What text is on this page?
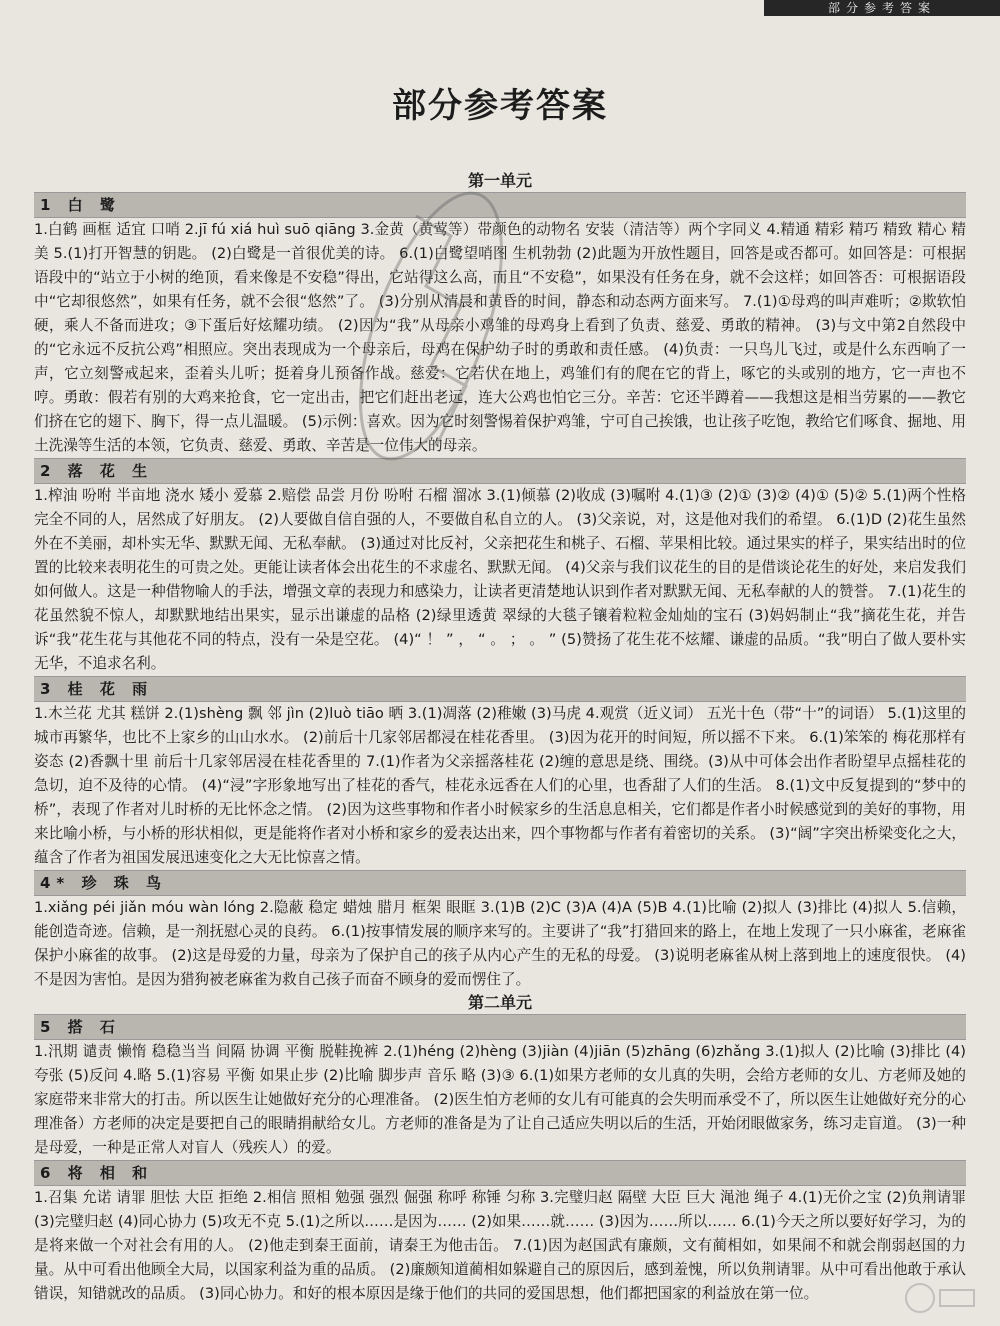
部分参考答案
部分参考答案
第一单元
1 白 鹭

1.白鹤 画框 适宜 口哨 2.jī fú xiá huì suō qiāng 3.金黄（黄莺等）带颜色的动物名 安装（清洁等）两个字同义 4.精通 精彩 精巧 精致 精心 精美 5.(1)打开智慧的钥匙。 (2)白鹭是一首很优美的诗。 6.(1)白鹭望哨图 生机勃勃 (2)此题为开放性题目，回答是或否都可。如回答是：可根据语段中的“站立于小树的绝顶，看来像是不安稳”得出，它站得这么高，而且“不安稳”，如果没有任务在身，就不会这样；如回答否：可根据语段中“它却很悠然”，如果有任务，就不会很“悠然”了。 (3)分别从清晨和黄昏的时间，静态和动态两方面来写。 7.(1)①母鸡的叫声难听；②欺软怕硬，乘人不备而进攻；③下蛋后好炫耀功绩。 (2)因为“我”从母亲小鸡雏的母鸡身上看到了负责、慈爱、勇敢的精神。 (3)与文中第2自然段中的“它永远不反抗公鸡”相照应。突出表现成为一个母亲后，母鸡在保护幼子时的勇敢和责任感。 (4)负责：一只鸟儿飞过，或是什么东西响了一声，它立刻警戒起来，歪着头儿听；挺着身儿预备作战。慈爱：它若伏在地上，鸡雏们有的爬在它的背上，啄它的头或别的地方，它一声也不哼。勇敢：假若有别的大鸡来抢食，它一定出击，把它们赶出老远，连大公鸡也怕它三分。辛苦：它还半蹲着——我想这是相当劳累的——教它们挤在它的翅下、胸下，得一点儿温暖。 (5)示例：喜欢。因为它时刻警惕着保护鸡雏，宁可自己挨饿，也让孩子吃饱，教给它们啄食、掘地、用土洗澡等生活的本领，它负责、慈爱、勇敢、辛苦是一位伟大的母亲。

2 落 花 生

1.榨油 吩咐 半亩地 浇水 矮小 爱慕 2.赔偿 品尝 月份 吩咐 石榴 溜冰 3.(1)倾慕 (2)收成 (3)嘱咐 4.(1)③ (2)① (3)② (4)① (5)② 5.(1)两个性格完全不同的人，居然成了好朋友。 (2)人要做自信自强的人，不要做自私自立的人。 (3)父亲说，对，这是他对我们的希望。 6.(1)D (2)花生虽然外在不美丽，却朴实无华、默默无闻、无私奉献。 (3)通过对比反衬，父亲把花生和桃子、石榴、苹果相比较。通过果实的样子，果实结出时的位置的比较来表明花生的可贵之处。更能让读者体会出花生的不求虚名、默默无闻。 (4)父亲与我们议花生的目的是借谈论花生的好处，来启发我们如何做人。这是一种借物喻人的手法，增强文章的表现力和感染力，让读者更清楚地认识到作者对默默无闻、无私奉献的人的赞誉。 7.(1)花生的花虽然貌不惊人，却默默地结出果实，显示出谦虚的品格 (2)绿里透黄 翠绿的大毯子镶着粒粒金灿灿的宝石 (3)妈妈制止“我”摘花生花，并告诉“我”花生花与其他花不同的特点，没有一朵是空花。 (4)“ ！ ” ， “ 。 ； 。 ” (5)赞扬了花生花不炫耀、谦虚的品质。“我”明白了做人要朴实无华，不追求名利。

3 桂 花 雨

1.木兰花 尤其 糕饼 2.(1)shèng 飘 邻 jìn (2)luò tiāo 晒 3.(1)凋落 (2)稚嫩 (3)马虎 4.观赏（近义词） 五光十色（带“十”的词语） 5.(1)这里的城市再繁华，也比不上家乡的山山水水。 (2)前后十几家邻居都浸在桂花香里。 (3)因为花开的时间短，所以摇不下来。 6.(1)笨笨的 梅花那样有姿态 (2)香飘十里 前后十几家邻居浸在桂花香里的 7.(1)作者为父亲摇落桂花 (2)缠的意思是绕、围绕。(3)从中可体会出作者盼望早点摇桂花的急切，迫不及待的心情。 (4)“浸”字形象地写出了桂花的香气，桂花永远香在人们的心里，也香甜了人们的生活。 8.(1)文中反复提到的“梦中的桥”，表现了作者对儿时桥的无比怀念之情。 (2)因为这些事物和作者小时候家乡的生活息息相关，它们都是作者小时候感觉到的美好的事物，用来比喻小桥，与小桥的形状相似，更是能将作者对小桥和家乡的爱表达出来，四个事物都与作者有着密切的关系。 (3)“阔”字突出桥梁变化之大，蕴含了作者为祖国发展迅速变化之大无比惊喜之情。

4* 珍 珠 鸟

1.xiǎng péi jiǎn móu wàn lóng 2.隐蔽 稳定 蜡烛 腊月 框架 眼眶 3.(1)B (2)C (3)A (4)A (5)B 4.(1)比喻 (2)拟人 (3)排比 (4)拟人 5.信赖，能创造奇迹。信赖，是一剂抚慰心灵的良药。 6.(1)按事情发展的顺序来写的。主要讲了“我”打猎回来的路上，在地上发现了一只小麻雀，老麻雀保护小麻雀的故事。 (2)这是母爱的力量，母亲为了保护自己的孩子从内心产生的无私的母爱。 (3)说明老麻雀从树上落到地上的速度很快。 (4)不是因为害怕。是因为猎狗被老麻雀为救自己孩子而奋不顾身的爱而愣住了。

第二单元
5 搭 石

1.汛期 谴责 懒惰 稳稳当当 间隔 协调 平衡 脱鞋挽裤 2.(1)héng (2)hèng (3)jiàn (4)jiān (5)zhāng (6)zhǎng 3.(1)拟人 (2)比喻 (3)排比 (4)夸张 (5)反问 4.略 5.(1)容易 平衡 如果止步 (2)比喻 脚步声 音乐 略 (3)③ 6.(1)如果方老师的女儿真的失明，会给方老师的女儿、方老师及她的家庭带来非常大的打击。所以医生让她做好充分的心理准备。 (2)医生怕方老师的女儿有可能真的会失明而承受不了，所以医生让她做好充分的心理准备）方老师的决定是要把自己的眼睛捐献给女儿。方老师的准备是为了让自己适应失明以后的生活，开始闭眼做家务，练习走盲道。 (3)一种是母爱，一种是正常人对盲人（残疾人）的爱。

6 将 相 和

1.召集 允诺 请罪 胆怯 大臣 拒绝 2.相信 照相 勉强 强烈 倔强 称呼 称锤 匀称 3.完璧归赵 隔壁 大臣 巨大 渑池 绳子 4.(1)无价之宝 (2)负荆请罪 (3)完璧归赵 (4)同心协力 (5)攻无不克 5.(1)之所以……是因为…… (2)如果……就…… (3)因为……所以…… 6.(1)今天之所以要好好学习，为的是将来做一个对社会有用的人。 (2)他走到秦王面前，请秦王为他击缶。 7.(1)因为赵国武有廉颇，文有蔺相如，如果闹不和就会削弱赵国的力量。从中可看出他顾全大局，以国家利益为重的品质。 (2)廉颇知道蔺相如躲避自己的原因后，感到羞愧，所以负荆请罪。从中可看出他敢于承认错误，知错就改的品质。 (3)同心协力。和好的根本原因是缘于他们的共同的爱国思想，他们都把国家的利益放在第一位。
